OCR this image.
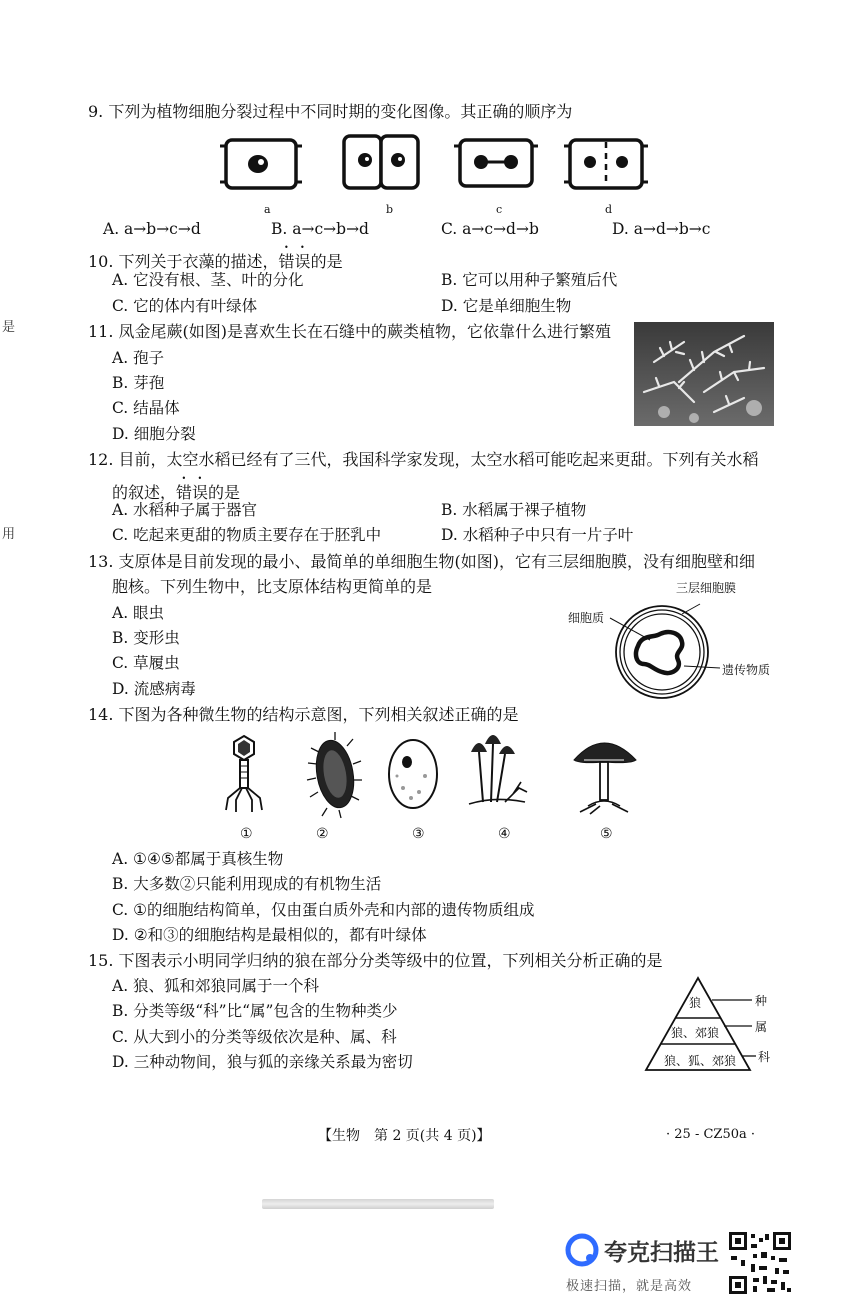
是
用
9. 下列为植物细胞分裂过程中不同时期的变化图像。其正确的顺序为
a	b	c	d
A. a→b→c→d	B. a→c→b→d	C. a→c→d→b	D. a→d→b→c
10. 下列关于衣藻的描述，错误的是
A. 它没有根、茎、叶的分化	B. 它可以用种子繁殖后代
C. 它的体内有叶绿体	D. 它是单细胞生物
11. 凤金尾蕨(如图)是喜欢生长在石缝中的蕨类植物，它依靠什么进行繁殖
A. 孢子
B. 芽孢
C. 结晶体
D. 细胞分裂
12. 目前，太空水稻已经有了三代，我国科学家发现，太空水稻可能吃起来更甜。下列有关水稻
的叙述，错误的是
A. 水稻种子属于器官	B. 水稻属于裸子植物
C. 吃起来更甜的物质主要存在于胚乳中	D. 水稻种子中只有一片子叶
13. 支原体是目前发现的最小、最简单的单细胞生物(如图)，它有三层细胞膜，没有细胞壁和细
胞核。下列生物中，比支原体结构更简单的是
A. 眼虫
B. 变形虫
C. 草履虫
D. 流感病毒
三层细胞膜
细胞质
遗传物质
14. 下图为各种微生物的结构示意图，下列相关叙述正确的是
①	②	③	④	⑤
A. ①④⑤都属于真核生物
B. 大多数②只能利用现成的有机物生活
C. ①的细胞结构简单，仅由蛋白质外壳和内部的遗传物质组成
D. ②和③的细胞结构是最相似的，都有叶绿体
15. 下图表示小明同学归纳的狼在部分分类等级中的位置，下列相关分析正确的是
A. 狼、狐和郊狼同属于一个科
B. 分类等级“科”比“属”包含的生物种类少
C. 从大到小的分类等级依次是种、属、科
D. 三种动物间，狼与狐的亲缘关系最为密切
狼
狼、郊狼
狼、狐、郊狼
种
属
科
【生物　第 2 页(共 4 页)】	· 25 - CZ50a ·
夸克扫描王
极速扫描，就是高效
